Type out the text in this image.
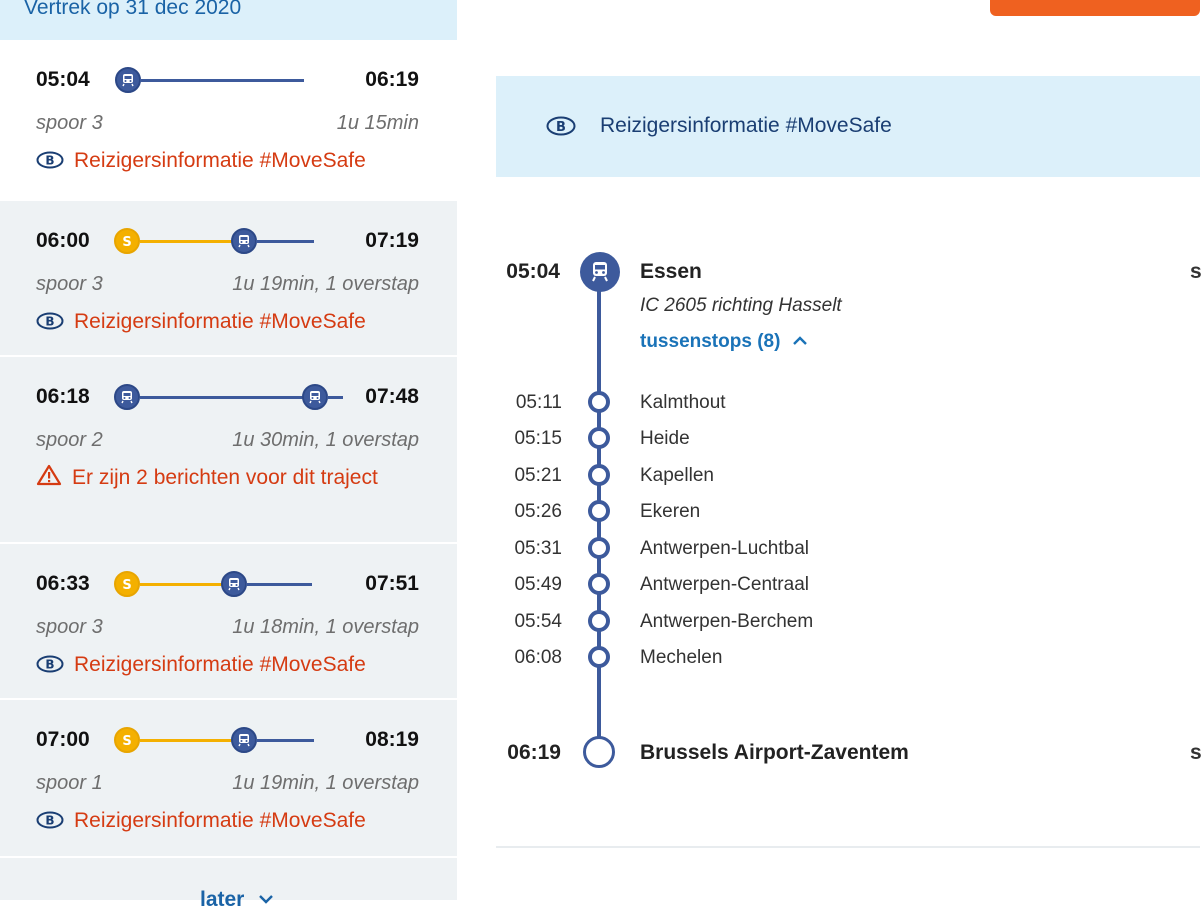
Vertrek op 31 dec 2020
05:04	06:19
spoor 3	1u 15min
B Reizigersinformatie #MoveSafe
06:00	S	07:19
spoor 3	1u 19min, 1 overstap
B Reizigersinformatie #MoveSafe
06:18	07:48
spoor 2	1u 30min, 1 overstap
Er zijn 2 berichten voor dit traject
06:33	S	07:51
spoor 3	1u 18min, 1 overstap
B Reizigersinformatie #MoveSafe
07:00	S	08:19
spoor 1	1u 19min, 1 overstap
B Reizigersinformatie #MoveSafe
later
B Reizigersinformatie #MoveSafe
05:04	Essen
IC 2605 richting Hasselt
tussenstops (8)
05:11	Kalmthout
05:15	Heide
05:21	Kapellen
05:26	Ekeren
05:31	Antwerpen-Luchtbal
05:49	Antwerpen-Centraal
05:54	Antwerpen-Berchem
06:08	Mechelen
06:19	Brussels Airport-Zaventem
s
s
